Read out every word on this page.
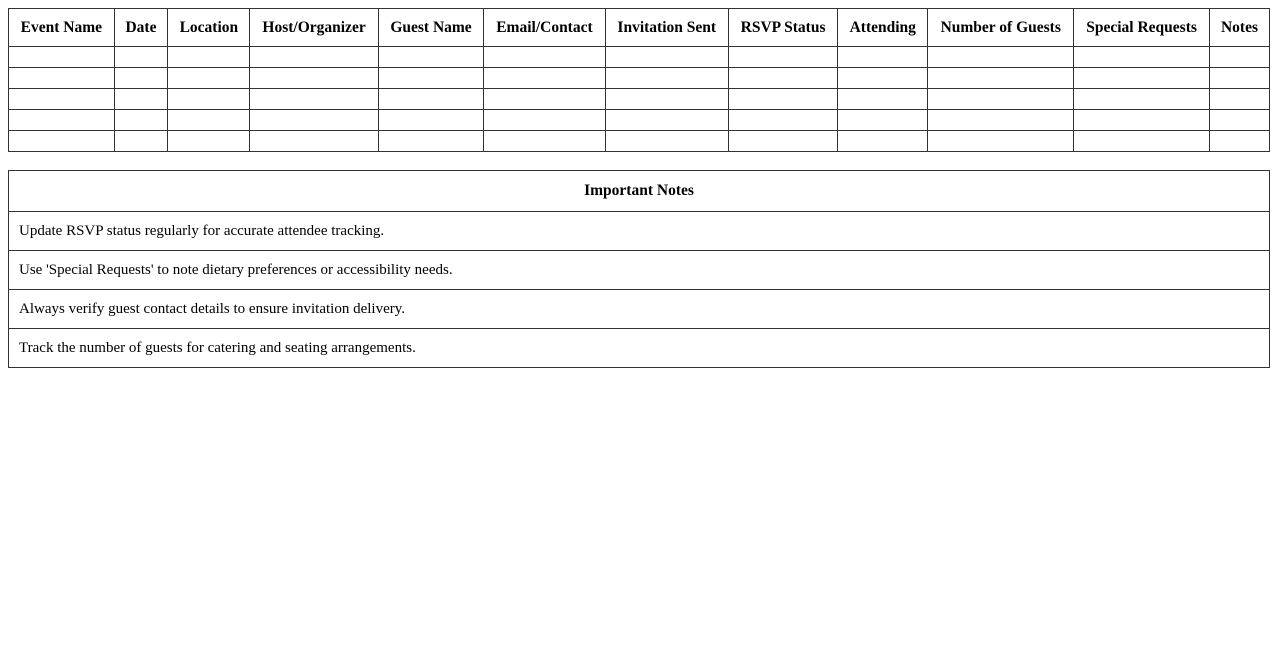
Event Name	Date	Location	Host/Organizer	Guest Name	Email/Contact	Invitation Sent	RSVP Status	Attending	Number of Guests	Special Requests	Notes

Important Notes
Update RSVP status regularly for accurate attendee tracking.
Use 'Special Requests' to note dietary preferences or accessibility needs.
Always verify guest contact details to ensure invitation delivery.
Track the number of guests for catering and seating arrangements.
